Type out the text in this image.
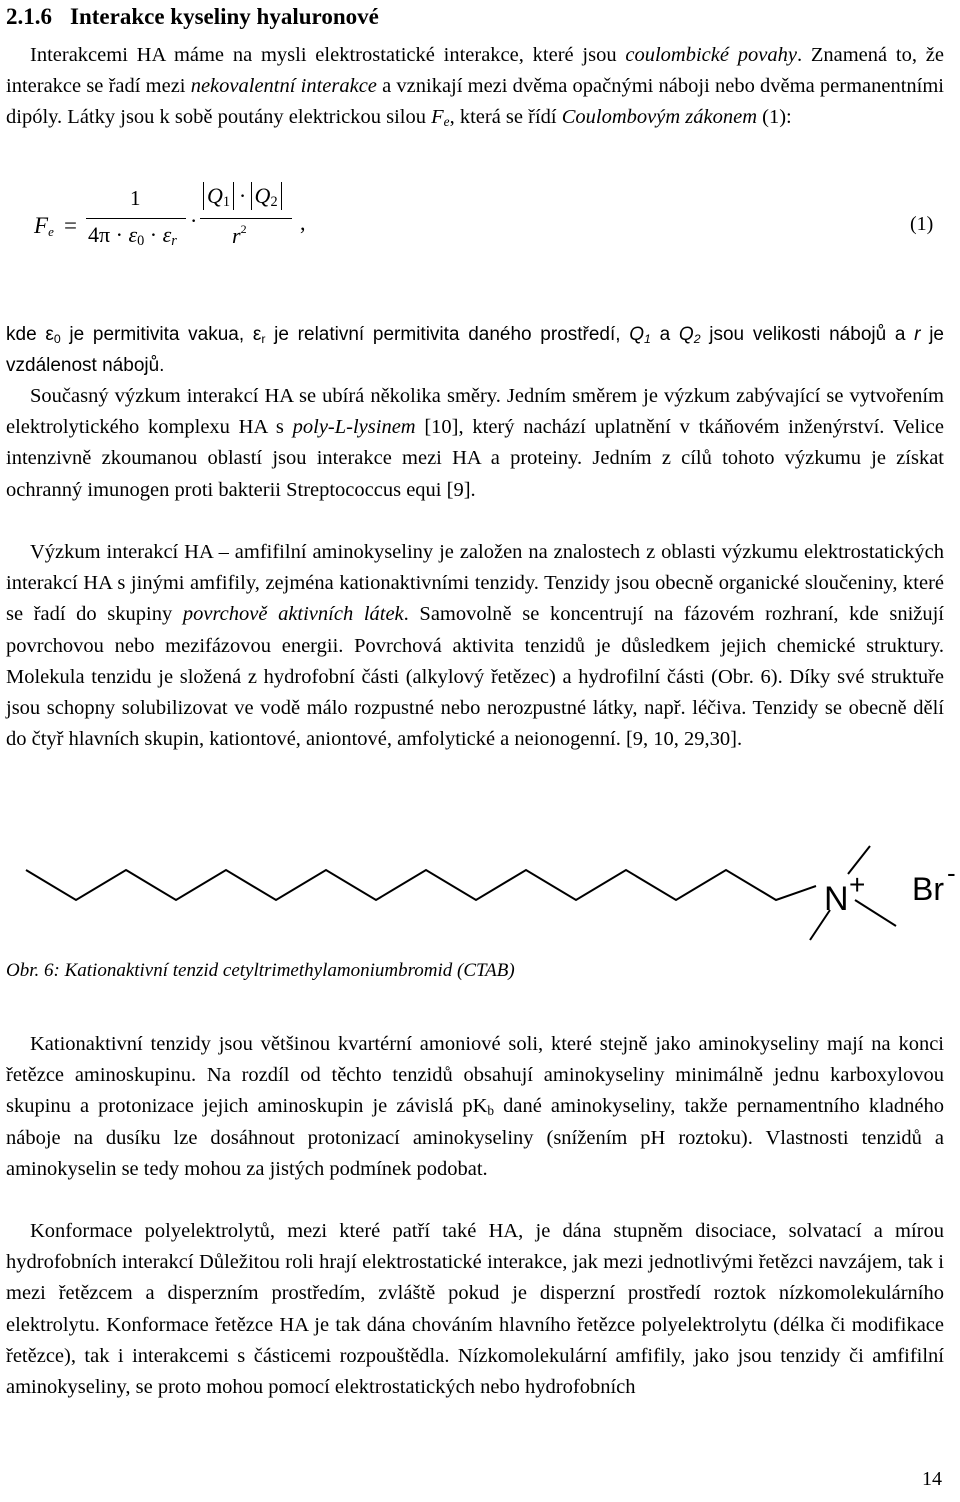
2.1.6 Interakce kyseliny hyaluronové

Interakcemi HA máme na mysli elektrostatické interakce, které jsou coulombické povahy. Znamená to, že interakce se řadí mezi nekovalentní interakce a vznikají mezi dvěma opačnými náboji nebo dvěma permanentními dipóly. Látky jsou k sobě poutány elektrickou silou $F_e$, která se řídí Coulombovým zákonem (1):

$F_e$ =
1
$4\pi \cdot \varepsilon_0 \cdot \varepsilon_r$
·
$Q_1 \cdot Q_2$
$r^2$ ,	(1)

kde $\varepsilon_0$ je permitivita vakua, $\varepsilon_r$ je relativní permitivita daného prostředí, $Q_1$ a $Q_2$ jsou velikosti nábojů a r je vzdálenost nábojů.

Současný výzkum interakcí HA se ubírá několika směry. Jedním směrem je výzkum zabývající se vytvořením elektrolytického komplexu HA s poly-L-lysinem [10], který nachází uplatnění v tkáňovém inženýrství. Velice intenzivně zkoumanou oblastí jsou interakce mezi HA a proteiny. Jedním z cílů tohoto výzkumu je získat ochranný imunogen proti bakterii Streptococcus equi [9].

Výzkum interakcí HA – amfifilní aminokyseliny je založen na znalostech z oblasti výzkumu elektrostatických interakcí HA s jinými amfifily, zejména kationaktivními tenzidy. Tenzidy jsou obecně organické sloučeniny, které se řadí do skupiny povrchově aktivních látek. Samovolně se koncentrují na fázovém rozhraní, kde snižují povrchovou nebo mezifázovou energii. Povrchová aktivita tenzidů je důsledkem jejich chemické struktury. Molekula tenzidu je složená z hydrofobní části (alkylový řetězec) a hydrofilní části (Obr. 6). Díky své struktuře jsou schopny solubilizovat ve vodě málo rozpustné nebo nerozpustné látky, např. léčiva. Tenzidy se obecně dělí do čtyř hlavních skupin, kationtové, aniontové, amfolytické a neionogenní. [9, 10, 29,30].

N + Br -
Obr. 6: Kationaktivní tenzid cetyltrimethylamoniumbromid (CTAB)

Kationaktivní tenzidy jsou většinou kvartérní amoniové soli, které stejně jako aminokyseliny mají na konci řetězce aminoskupinu. Na rozdíl od těchto tenzidů obsahují aminokyseliny minimálně jednu karboxylovou skupinu a protonizace jejich aminoskupin je závislá $pK_b$ dané aminokyseliny, takže pernamentního kladného náboje na dusíku lze dosáhnout protonizací aminokyseliny (snížením pH roztoku). Vlastnosti tenzidů a aminokyselin se tedy mohou za jistých podmínek podobat.

Konformace polyelektrolytů, mezi které patří také HA, je dána stupněm disociace, solvatací a mírou hydrofobních interakcí Důležitou roli hrají elektrostatické interakce, jak mezi jednotlivými řetězci navzájem, tak i mezi řetězcem a disperzním prostředím, zvláště pokud je disperzní prostředí roztok nízkomolekulárního elektrolytu. Konformace řetězce HA je tak dána chováním hlavního řetězce polyelektrolytu (délka či modifikace řetězce), tak i interakcemi s částicemi rozpouštědla. Nízkomolekulární amfifily, jako jsou tenzidy či amfifilní aminokyseliny, se proto mohou pomocí elektrostatických nebo hydrofobních

14
